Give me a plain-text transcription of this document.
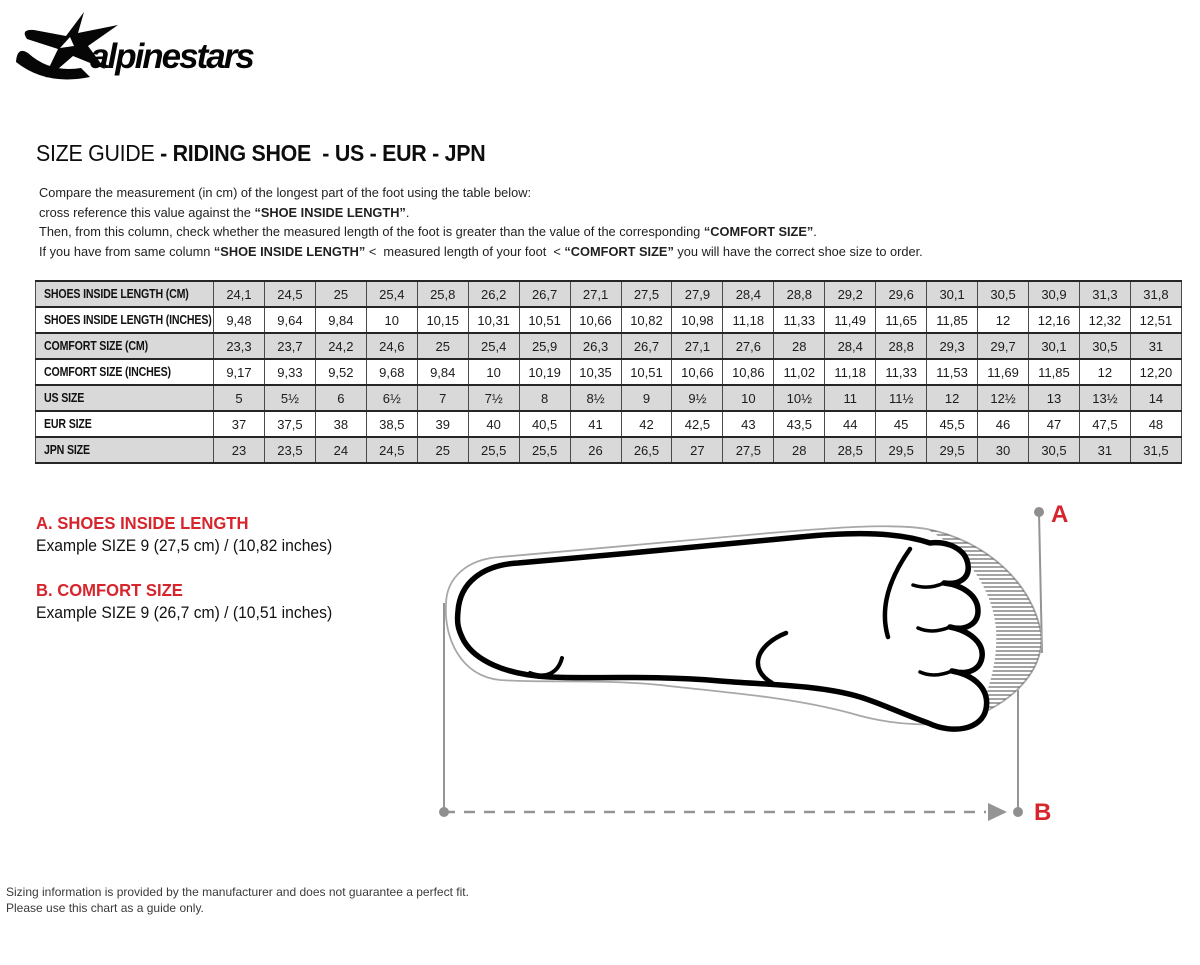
alpinestars
SIZE GUIDE - RIDING SHOE  - US - EUR - JPN

Compare the measurement (in cm) of the longest part of the foot using the table below:

cross reference this value against the “SHOE INSIDE LENGTH”.

Then, from this column, check whether the measured length of the foot is greater than the value of the corresponding “COMFORT SIZE”.

If you have from same column “SHOE INSIDE LENGTH” <  measured length of your foot  < “COMFORT SIZE” you will have the correct shoe size to order.

SHOES INSIDE LENGTH (CM)	24,1	24,5	25	25,4	25,8	26,2	26,7	27,1	27,5	27,9	28,4	28,8	29,2	29,6	30,1	30,5	30,9	31,3	31,8
SHOES INSIDE LENGTH (INCHES)	9,48	9,64	9,84	10	10,15	10,31	10,51	10,66	10,82	10,98	11,18	11,33	11,49	11,65	11,85	12	12,16	12,32	12,51
COMFORT SIZE (CM)	23,3	23,7	24,2	24,6	25	25,4	25,9	26,3	26,7	27,1	27,6	28	28,4	28,8	29,3	29,7	30,1	30,5	31
COMFORT SIZE (INCHES)	9,17	9,33	9,52	9,68	9,84	10	10,19	10,35	10,51	10,66	10,86	11,02	11,18	11,33	11,53	11,69	11,85	12	12,20
US SIZE	5	5½	6	6½	7	7½	8	8½	9	9½	10	10½	11	11½	12	12½	13	13½	14
EUR SIZE	37	37,5	38	38,5	39	40	40,5	41	42	42,5	43	43,5	44	45	45,5	46	47	47,5	48
JPN SIZE	23	23,5	24	24,5	25	25,5	25,5	26	26,5	27	27,5	28	28,5	29,5	29,5	30	30,5	31	31,5

A. SHOES INSIDE LENGTH

Example SIZE 9 (27,5 cm) / (10,82 inches)

B. COMFORT SIZE

Example SIZE 9 (26,7 cm) / (10,51 inches)

A
B

Sizing information is provided by the manufacturer and does not guarantee a perfect fit.

Please use this chart as a guide only.
